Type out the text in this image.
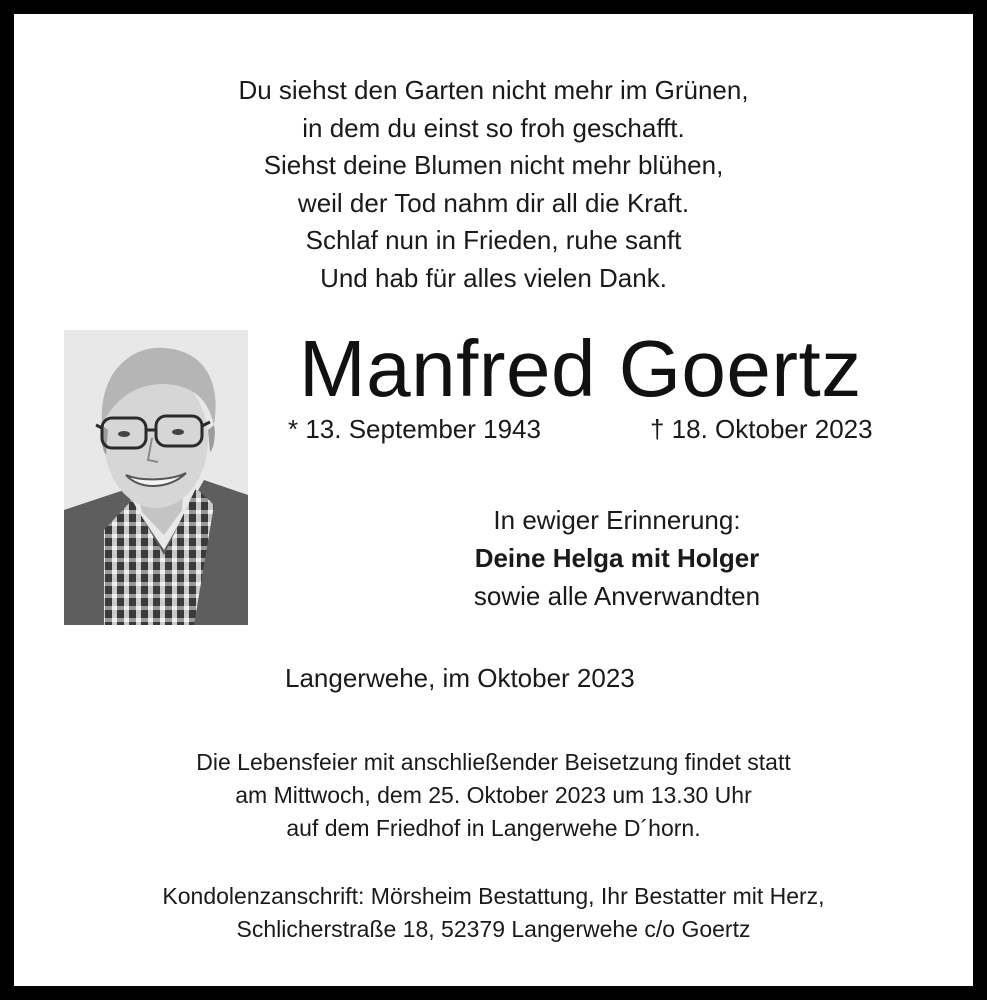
Du siehst den Garten nicht mehr im Grünen,
in dem du einst so froh geschafft.
Siehst deine Blumen nicht mehr blühen,
weil der Tod nahm dir all die Kraft.
Schlaf nun in Frieden, ruhe sanft
Und hab für alles vielen Dank.
Manfred Goertz
* 13. September 1943	† 18. Oktober 2023
In ewiger Erinnerung:
Deine Helga mit Holger
sowie alle Anverwandten
Langerwehe, im Oktober 2023
Die Lebensfeier mit anschließender Beisetzung findet statt
am Mittwoch, dem 25. Oktober 2023 um 13.30 Uhr
auf dem Friedhof in Langerwehe D´horn.
Kondolenzanschrift: Mörsheim Bestattung, Ihr Bestatter mit Herz,
Schlicherstraße 18, 52379 Langerwehe c/o Goertz
